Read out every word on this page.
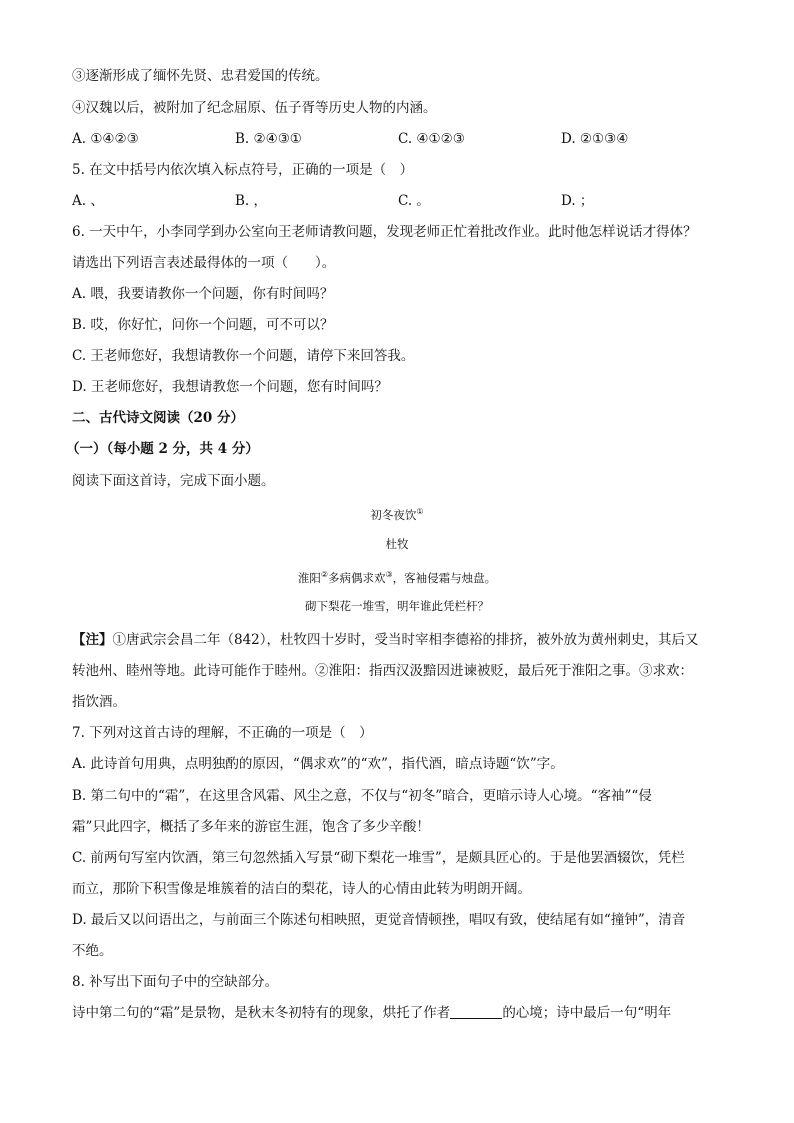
③逐渐形成了缅怀先贤、忠君爱国的传统。
④汉魏以后，被附加了纪念屈原、伍子胥等历史人物的内涵。
A. ①④②③	B. ②④③①	C. ④①②③	D. ②①③④
5. 在文中括号内依次填入标点符号，正确的一项是（　）
A. 、	B. ，	C. 。	D. ；
6. 一天中午，小李同学到办公室向王老师请教问题，发现老师正忙着批改作业。此时他怎样说话才得体？
请选出下列语言表述最得体的一项（　　）。
A. 喂，我要请教你一个问题，你有时间吗？
B. 哎，你好忙，问你一个问题，可不可以？
C. 王老师您好，我想请教你一个问题，请停下来回答我。
D. 王老师您好，我想请教您一个问题，您有时间吗？
二、古代诗文阅读（20 分）
（一）（每小题 2 分，共 4 分）
阅读下面这首诗，完成下面小题。
初冬夜饮①
杜牧
淮阳②多病偶求欢③，客袖侵霜与烛盘。
砌下梨花一堆雪，明年谁此凭栏杆？
【注】①唐武宗会昌二年（842），杜牧四十岁时，受当时宰相李德裕的排挤，被外放为黄州刺史，其后又
转池州、睦州等地。此诗可能作于睦州。②淮阳：指西汉汲黯因进谏被贬，最后死于淮阳之事。③求欢：
指饮酒。
7. 下列对这首古诗的理解，不正确的一项是（　）
A. 此诗首句用典，点明独酌的原因，“偶求欢”的“欢”，指代酒，暗点诗题“饮”字。
B. 第二句中的“霜”，在这里含风霜、风尘之意，不仅与“初冬”暗合，更暗示诗人心境。“客袖”“侵
霜”只此四字，概括了多年来的游宦生涯，饱含了多少辛酸！
C. 前两句写室内饮酒，第三句忽然插入写景“砌下梨花一堆雪”，是颇具匠心的。于是他罢酒辍饮，凭栏
而立，那阶下积雪像是堆簇着的洁白的梨花，诗人的心情由此转为明朗开阔。
D. 最后又以问语出之，与前面三个陈述句相映照，更觉音情顿挫，唱叹有致，使结尾有如“撞钟”，清音
不绝。
8. 补写出下面句子中的空缺部分。
诗中第二句的“霜”是景物，是秋末冬初特有的现象，烘托了作者	的心境；诗中最后一句“明年
